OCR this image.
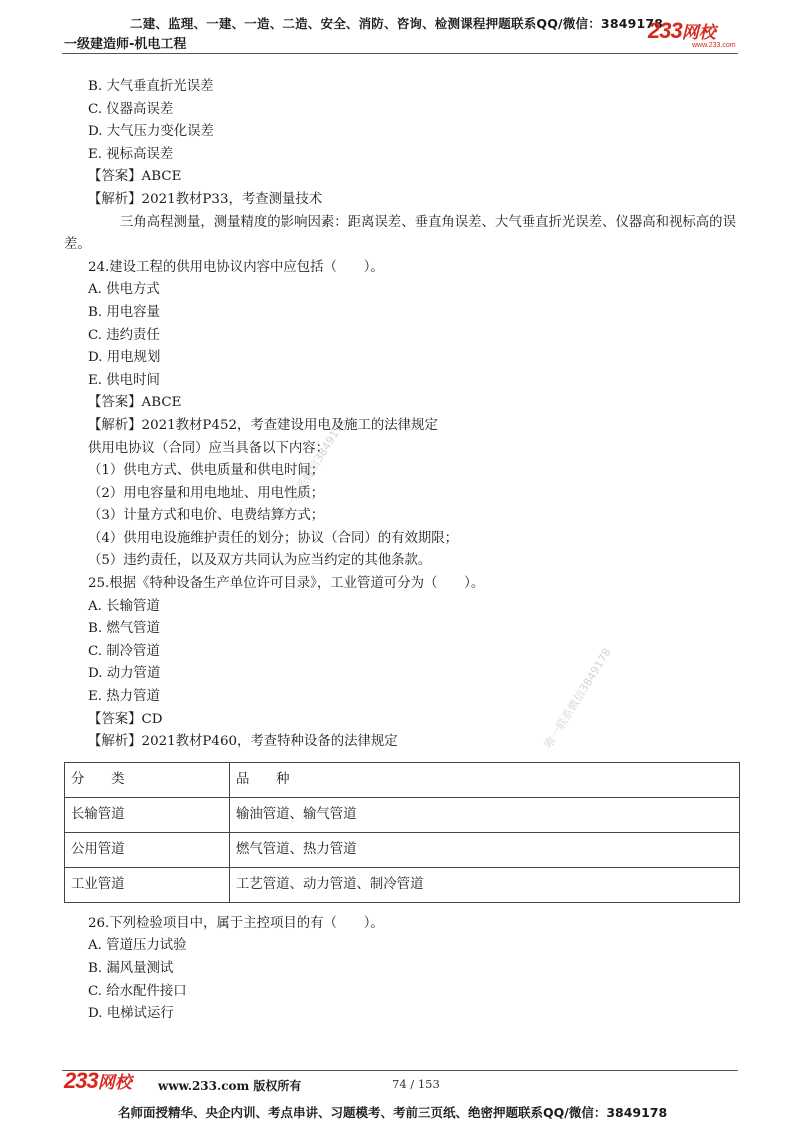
二建、监理、一建、一造、二造、安全、消防、咨询、检测课程押题联系QQ/微信：3849178
一级建造师-机电工程
233网校
www.233.com
唯一联系微信3849178
唯一联系微信3849178
B. 大气垂直折光误差
C. 仪器高误差
D. 大气压力变化误差
E. 视标高误差
【答案】ABCE
【解析】2021教材P33，考查测量技术
三角高程测量，测量精度的影响因素：距离误差、垂直角误差、大气垂直折光误差、仪器高和视标高的误差。
24.建设工程的供用电协议内容中应包括（　　）。
A. 供电方式
B. 用电容量
C. 违约责任
D. 用电规划
E. 供电时间
【答案】ABCE
【解析】2021教材P452，考查建设用电及施工的法律规定
供用电协议（合同）应当具备以下内容：
（1）供电方式、供电质量和供电时间；
（2）用电容量和用电地址、用电性质；
（3）计量方式和电价、电费结算方式；
（4）供用电设施维护责任的划分；协议（合同）的有效期限；
（5）违约责任，以及双方共同认为应当约定的其他条款。
25.根据《特种设备生产单位许可目录》，工业管道可分为（　　）。
A. 长输管道
B. 燃气管道
C. 制冷管道
D. 动力管道
E. 热力管道
【答案】CD
【解析】2021教材P460，考查特种设备的法律规定
分　　类	品　　种
长输管道	输油管道、输气管道
公用管道	燃气管道、热力管道
工业管道	工艺管道、动力管道、制冷管道
26.下列检验项目中，属于主控项目的有（　　）。
A. 管道压力试验
B. 漏风量测试
C. 给水配件接口
D. 电梯试运行
233网校 www.233.com 版权所有	74 / 153
名师面授精华、央企内训、考点串讲、习题模考、考前三页纸、绝密押题联系QQ/微信：3849178
